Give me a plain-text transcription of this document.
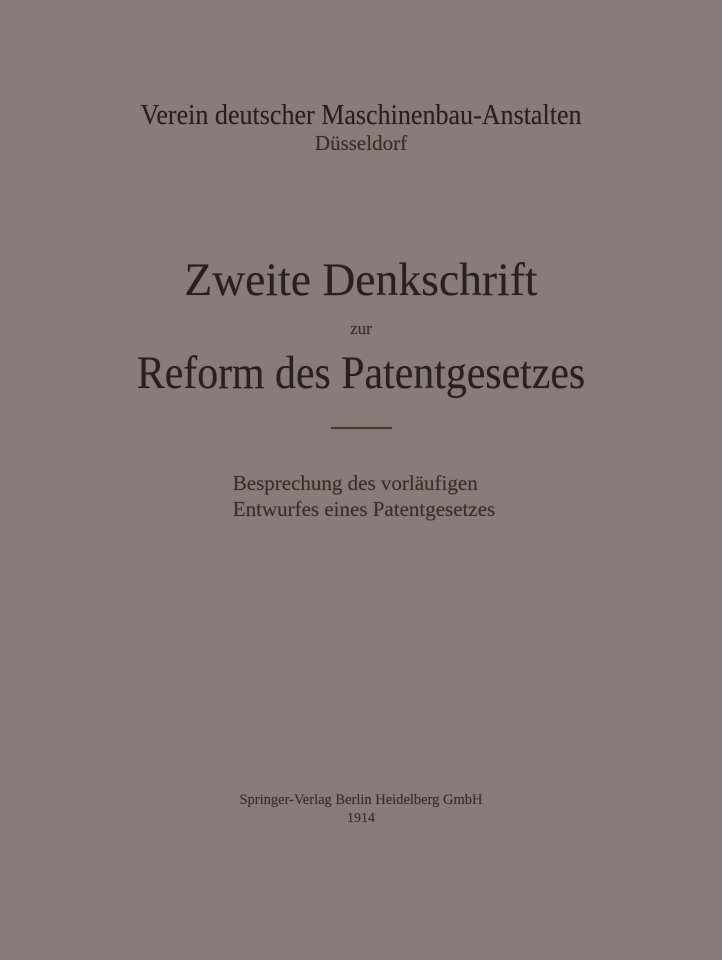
Verein deutscher Maschinenbau-Anstalten
Düsseldorf
Zweite Denkschrift
zur
Reform des Patentgesetzes
Besprechung des vorläufigen
Entwurfes eines Patentgesetzes
Springer-Verlag Berlin Heidelberg GmbH
1914
